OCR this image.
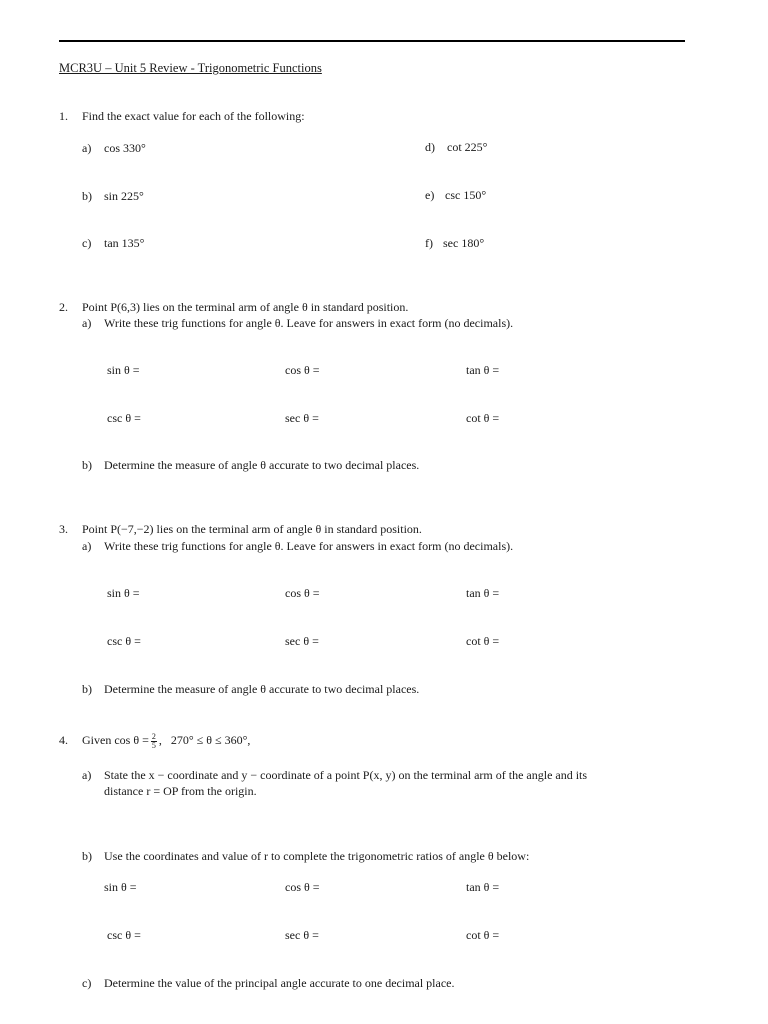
MCR3U – Unit 5 Review - Trigonometric Functions
1. Find the exact value for each of the following:
a) cos 330°
b) sin 225°
c) tan 135°
d) cot 225°
e) csc 150°
f) sec 180°
2. Point P(6,3) lies on the terminal arm of angle θ in standard position.
a) Write these trig functions for angle θ. Leave for answers in exact form (no decimals).
sin θ =	cos θ =	tan θ =
csc θ =	sec θ =	cot θ =
b) Determine the measure of angle θ accurate to two decimal places.
3. Point P(−7,−2) lies on the terminal arm of angle θ in standard position.
a) Write these trig functions for angle θ. Leave for answers in exact form (no decimals).
sin θ =	cos θ =	tan θ =
csc θ =	sec θ =	cot θ =
b) Determine the measure of angle θ accurate to two decimal places.
4. Given $\cos \theta = \frac{2}{5}$ ,   270° ≤ θ ≤ 360°,
a) State the x − coordinate and y − coordinate of a point P(x, y) on the terminal arm of the angle and its
distance r = OP from the origin.
b) Use the coordinates and value of r to complete the trigonometric ratios of angle θ below:
sin θ =	cos θ =	tan θ =
csc θ =	sec θ =	cot θ =
c) Determine the value of the principal angle accurate to one decimal place.
